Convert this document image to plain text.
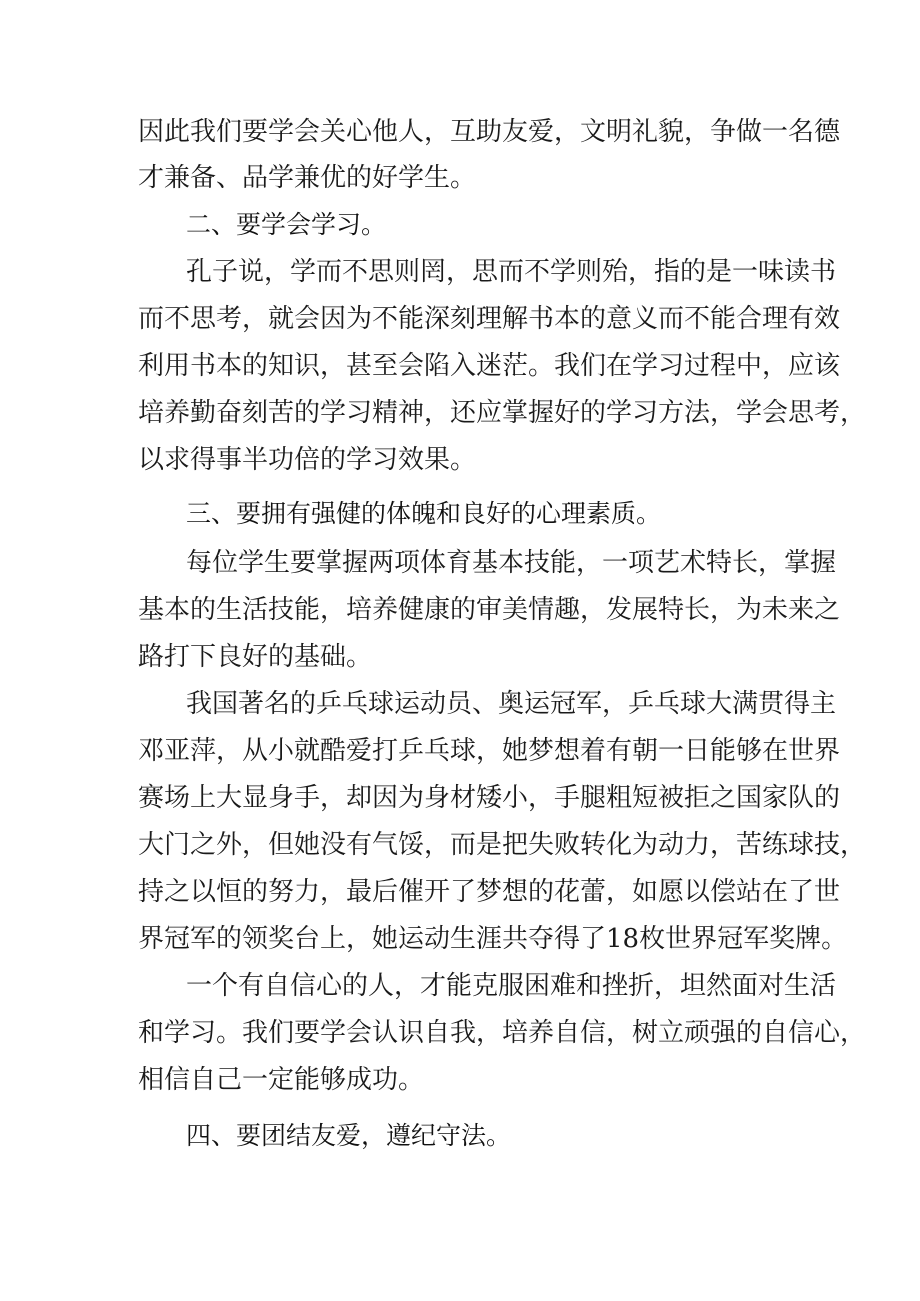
因此我们要学会关心他人，互助友爱，文明礼貌，争做一名德
才兼备、品学兼优的好学生。
二、要学会学习。
孔子说，学而不思则罔，思而不学则殆，指的是一味读书
而不思考，就会因为不能深刻理解书本的意义而不能合理有效
利用书本的知识，甚至会陷入迷茫。我们在学习过程中，应该
培养勤奋刻苦的学习精神，还应掌握好的学习方法，学会思考，
以求得事半功倍的学习效果。
三、要拥有强健的体魄和良好的心理素质。
每位学生要掌握两项体育基本技能，一项艺术特长，掌握
基本的生活技能，培养健康的审美情趣，发展特长，为未来之
路打下良好的基础。
我国著名的乒乓球运动员、奥运冠军，乒乓球大满贯得主
邓亚萍，从小就酷爱打乒乓球，她梦想着有朝一日能够在世界
赛场上大显身手，却因为身材矮小，手腿粗短被拒之国家队的
大门之外，但她没有气馁，而是把失败转化为动力，苦练球技，
持之以恒的努力，最后催开了梦想的花蕾，如愿以偿站在了世
界冠军的领奖台上，她运动生涯共夺得了18枚世界冠军奖牌。
一个有自信心的人，才能克服困难和挫折，坦然面对生活
和学习。我们要学会认识自我，培养自信，树立顽强的自信心，
相信自己一定能够成功。
四、要团结友爱，遵纪守法。
